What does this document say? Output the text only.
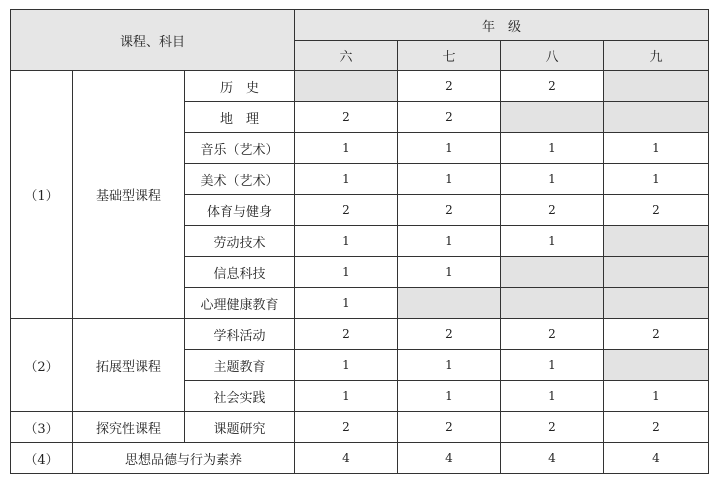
课程、科目			年　级			
			六	七	八	九
（1）	基础型课程	历　史		2	2	
		地　理	2	2		
		音乐（艺术）	1	1	1	1
		美术（艺术）	1	1	1	1
		体育与健身	2	2	2	2
		劳动技术	1	1	1	
		信息科技	1	1		
		心理健康教育	1			
（2）	拓展型课程	学科活动	2	2	2	2
		主题教育	1	1	1	
		社会实践	1	1	1	1
（3）	探究性课程	课题研究	2	2	2	2
（4）	思想品德与行为素养		4	4	4	4
